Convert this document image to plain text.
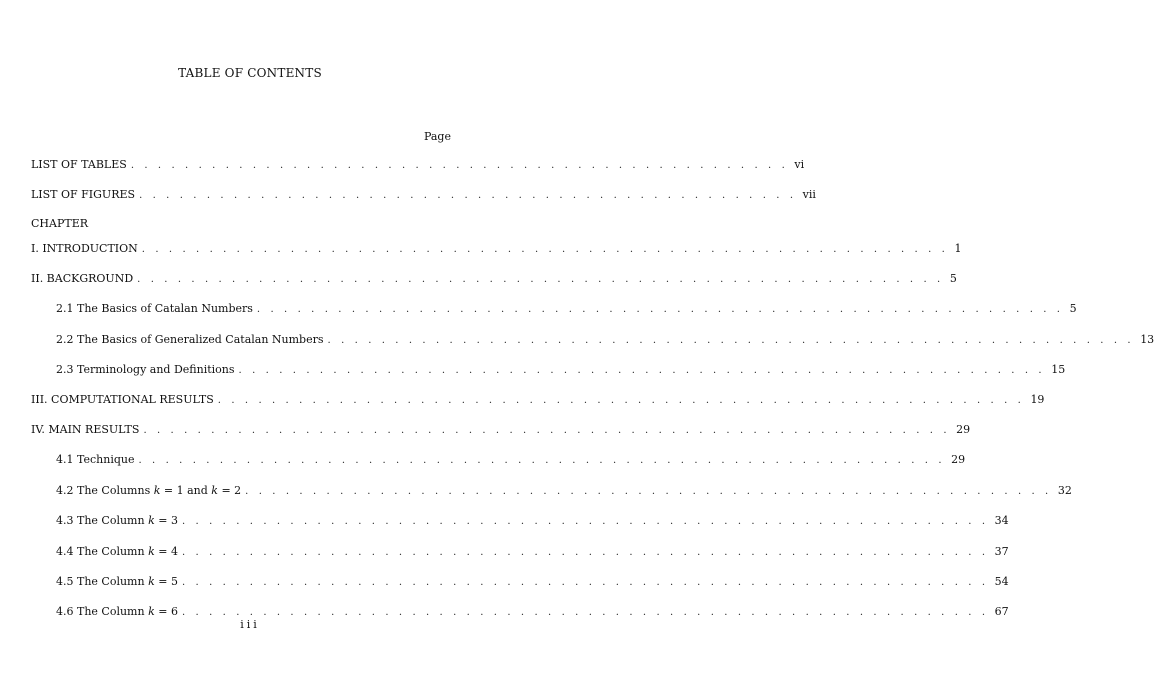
TABLE OF CONTENTS
Page
LIST OF TABLES . . . . . . . . . . . . . . . . . . . . . . . . . . . . . . . . . . . . . . . . . . . . . . . . . vi
LIST OF FIGURES . . . . . . . . . . . . . . . . . . . . . . . . . . . . . . . . . . . . . . . . . . . . . . . . . vii
CHAPTER
I. INTRODUCTION . . . . . . . . . . . . . . . . . . . . . . . . . . . . . . . . . . . . . . . . . . . . . . . . . . . . . . . . . . . . 1
II. BACKGROUND . . . . . . . . . . . . . . . . . . . . . . . . . . . . . . . . . . . . . . . . . . . . . . . . . . . . . . . . . . . . 5
2.1 The Basics of Catalan Numbers . . . . . . . . . . . . . . . . . . . . . . . . . . . . . . . . . . . . . . . . . . . . . . . . . . . . . . . . . . . . 5
2.2 The Basics of Generalized Catalan Numbers . . . . . . . . . . . . . . . . . . . . . . . . . . . . . . . . . . . . . . . . . . . . . . . . . . . . . . . . . . . . 13
2.3 Terminology and Definitions . . . . . . . . . . . . . . . . . . . . . . . . . . . . . . . . . . . . . . . . . . . . . . . . . . . . . . . . . . . . 15
III. COMPUTATIONAL RESULTS . . . . . . . . . . . . . . . . . . . . . . . . . . . . . . . . . . . . . . . . . . . . . . . . . . . . . . . . . . . . 19
IV. MAIN RESULTS . . . . . . . . . . . . . . . . . . . . . . . . . . . . . . . . . . . . . . . . . . . . . . . . . . . . . . . . . . . . 29
4.1 Technique . . . . . . . . . . . . . . . . . . . . . . . . . . . . . . . . . . . . . . . . . . . . . . . . . . . . . . . . . . . . 29
4.2 The Columns k = 1 and k = 2 . . . . . . . . . . . . . . . . . . . . . . . . . . . . . . . . . . . . . . . . . . . . . . . . . . . . . . . . . . . . 32
4.3 The Column k = 3 . . . . . . . . . . . . . . . . . . . . . . . . . . . . . . . . . . . . . . . . . . . . . . . . . . . . . . . . . . . . 34
4.4 The Column k = 4 . . . . . . . . . . . . . . . . . . . . . . . . . . . . . . . . . . . . . . . . . . . . . . . . . . . . . . . . . . . . 37
4.5 The Column k = 5 . . . . . . . . . . . . . . . . . . . . . . . . . . . . . . . . . . . . . . . . . . . . . . . . . . . . . . . . . . . . 54
4.6 The Column k = 6 . . . . . . . . . . . . . . . . . . . . . . . . . . . . . . . . . . . . . . . . . . . . . . . . . . . . . . . . . . . . 67
iii
